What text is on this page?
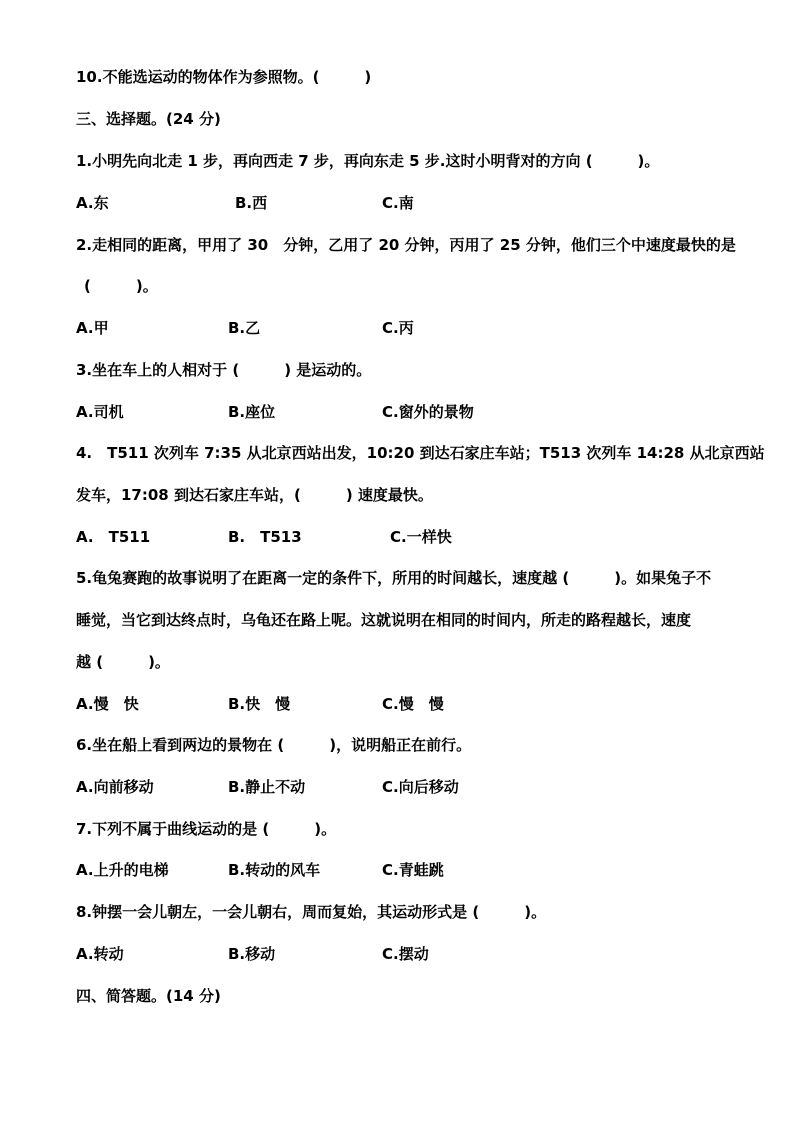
10.不能选运动的物体作为参照物。(　　　)
三、选择题。(24 分)
1.小明先向北走 1 步，再向西走 7 步，再向东走 5 步.这时小明背对的方向 (　　　)。
A.东	B.西	C.南
2.走相同的距离，甲用了 30　分钟，乙用了 20 分钟，丙用了 25 分钟，他们三个中速度最快的是
(　　　)。
A.甲	B.乙	C.丙
3.坐在车上的人相对于 (　　　) 是运动的。
A.司机	B.座位	C.窗外的景物
4.　T511 次列车 7:35 从北京西站出发，10:20 到达石家庄车站；T513 次列车 14:28 从北京西站
发车，17:08 到达石家庄车站，(　　　) 速度最快。
A.　T511	B.　T513	C.一样快
5.龟兔赛跑的故事说明了在距离一定的条件下，所用的时间越长，速度越 (　　　)。如果兔子不
睡觉，当它到达终点时，乌龟还在路上呢。这就说明在相同的时间内，所走的路程越长，速度
越 (　　　)。
A.慢　快	B.快　慢	C.慢　慢
6.坐在船上看到两边的景物在 (　　　)，说明船正在前行。
A.向前移动	B.静止不动	C.向后移动
7.下列不属于曲线运动的是 (　　　)。
A.上升的电梯	B.转动的风车	C.青蛙跳
8.钟摆一会儿朝左，一会儿朝右，周而复始，其运动形式是 (　　　)。
A.转动	B.移动	C.摆动
四、简答题。(14 分)
